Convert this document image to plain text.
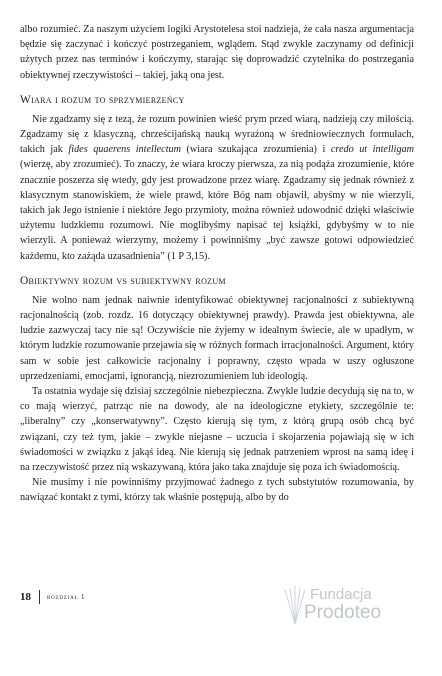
albo rozumieć. Za naszym użyciem logiki Arystotelesa stoi nadzieja, że cała nasza argumentacja będzie się zaczynać i kończyć postrzeganiem, wglądem. Stąd zwykle zaczynamy od definicji użytych przez nas terminów i kończymy, starając się doprowadzić czytelnika do postrzegania obiektywnej rzeczywistości – takiej, jaką ona jest.

Wiara i rozum to sprzymierzeńcy

Nie zgadzamy się z tezą, że rozum powinien wieść prym przed wiarą, nadzieją czy miłością. Zgadzamy się z klasyczną, chrześcijańską nauką wyrażoną w średniowiecznych formułach, takich jak fides quaerens intellectum (wiara szukająca zrozumienia) i credo ut intelligam (wierzę, aby zrozumieć). To znaczy, że wiara kroczy pierwsza, za nią podąża zrozumienie, które znacznie poszerza się wtedy, gdy jest prowadzone przez wiarę. Zgadzamy się jednak również z klasycznym stanowiskiem, że wiele prawd, które Bóg nam objawił, abyśmy w nie wierzyli, takich jak Jego istnienie i niektóre Jego przymioty, można również udowodnić dzięki właściwie użytemu ludzkiemu rozumowi. Nie moglibyśmy napisać tej książki, gdybyśmy w to nie wierzyli. A ponieważ wierzymy, możemy i powinniśmy „być zawsze gotowi odpowiedzieć każdemu, kto zażąda uzasadnienia” (1 P 3,15).

Obiektywny rozum vs subiektywny rozum

Nie wolno nam jednak naiwnie identyfikować obiektywnej racjonalności z subiektywną racjonalnością (zob. rozdz. 16 dotyczący obiektywnej prawdy). Prawda jest obiektywna, ale ludzie zazwyczaj tacy nie są! Oczywiście nie żyjemy w idealnym świecie, ale w upadłym, w którym ludzkie rozumowanie przejawia się w różnych formach irracjonalności. Argument, który sam w sobie jest całkowicie racjonalny i poprawny, często wpada w uszy ogłuszone uprzedzeniami, emocjami, ignorancją, niezrozumieniem lub ideologią.

Ta ostatnia wydaje się dzisiaj szczególnie niebezpieczna. Zwykle ludzie decydują się na to, w co mają wierzyć, patrząc nie na dowody, ale na ideologiczne etykiety, szczególnie te: „liberalny” czy „konserwatywny”. Często kierują się tym, z którą grupą osób chcą być związani, czy też tym, jakie – zwykle niejasne – uczucia i skojarzenia pojawiają się w ich świadomości w związku z jakąś ideą. Nie kierują się jednak patrzeniem wprost na samą ideę i na rzeczywistość przez nią wskazywaną, która jako taka znajduje się poza ich świadomością.

Nie musimy i nie powinniśmy przyjmować żadnego z tych substytutów rozumowania, by nawiązać kontakt z tymi, którzy tak właśnie postępują, albo by do

18 rozdział 1	Fundacja
Prodoteo
